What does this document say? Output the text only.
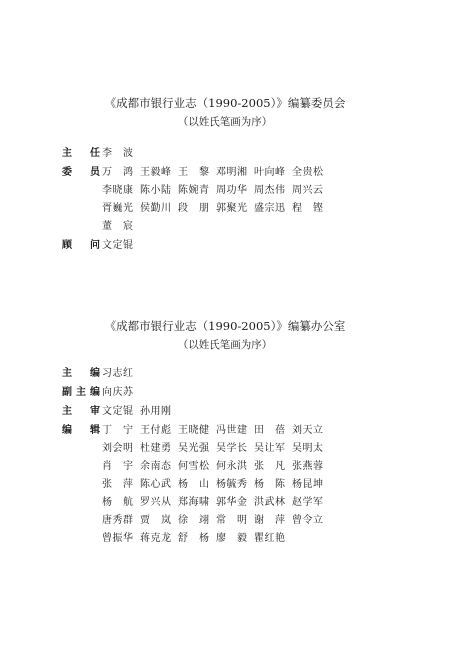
《成都市银行业志（1990-2005）》编纂委员会
（以姓氏笔画为序）
主 任 李　波
委 员 万　鸿 王毅峰 王　黎 邓明湘 叶向峰 全贵松
李晓康 陈小陆 陈婉青 周功华 周杰伟 周兴云
胥巍光 侯勤川 段　朋 郭聚光 盛宗迅 程　铿
董　宸
顾 问 文定锟
《成都市银行业志（1990-2005）》编纂办公室
（以姓氏笔画为序）
主 编 习志红
副 主 编 向庆苏
主 审 文定锟 孙用刚
编 辑 丁　宁 王付彪 王晓健 冯世建 田　蓓 刘天立
刘会明 杜建勇 吴光强 吴学长 吴让军 吴明太
肖　宇 余南态 何雪松 何永洪 张　凡 张燕蓉
张　萍 陈心武 杨　山 杨毓秀 杨　陈 杨昆坤
杨　航 罗兴从 郑海啸 郭华金 洪武林 赵学军
唐秀群 贾　岚 徐　翊 常　明 谢　萍 曾令立
曾振华 蒋克龙 舒　杨 廖　毅 瞿红艳
